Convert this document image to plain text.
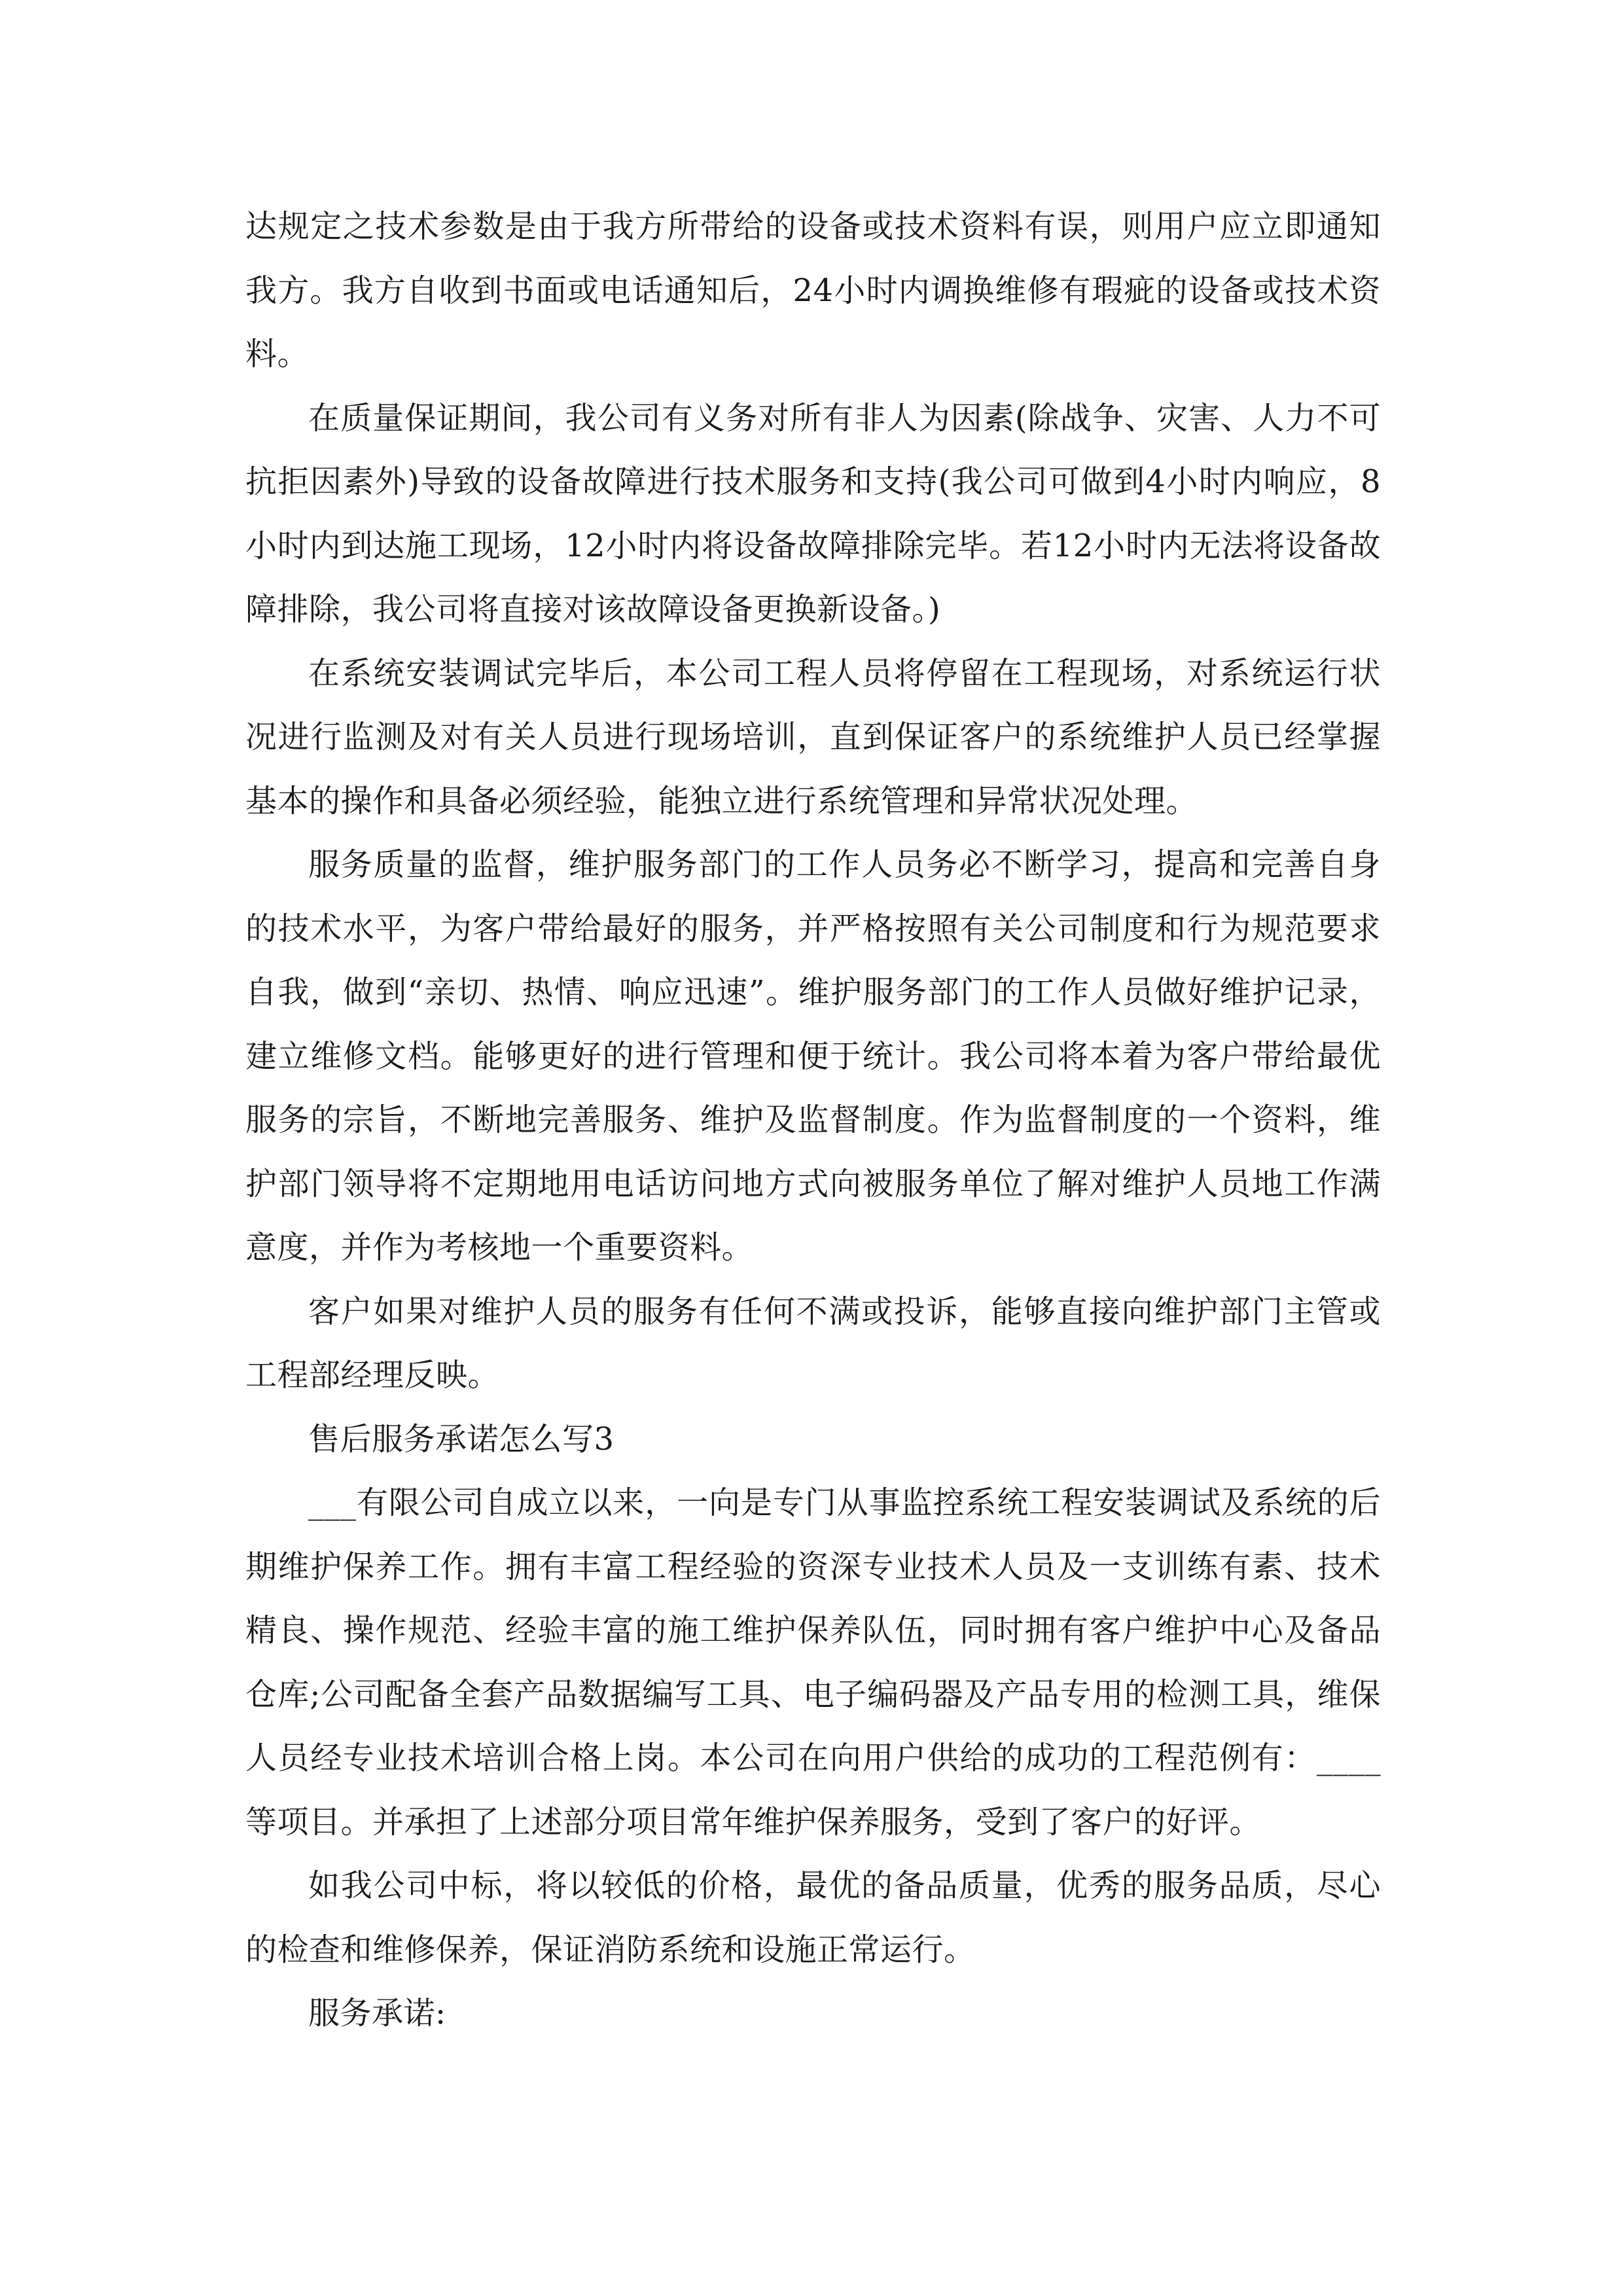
达规定之技术参数是由于我方所带给的设备或技术资料有误，则用户应立即通知我方。我方自收到书面或电话通知后，24小时内调换维修有瑕疵的设备或技术资料。

在质量保证期间，我公司有义务对所有非人为因素(除战争、灾害、人力不可抗拒因素外)导致的设备故障进行技术服务和支持(我公司可做到4小时内响应，8小时内到达施工现场，12小时内将设备故障排除完毕。若12小时内无法将设备故障排除，我公司将直接对该故障设备更换新设备。)

在系统安装调试完毕后，本公司工程人员将停留在工程现场，对系统运行状况进行监测及对有关人员进行现场培训，直到保证客户的系统维护人员已经掌握基本的操作和具备必须经验，能独立进行系统管理和异常状况处理。

服务质量的监督，维护服务部门的工作人员务必不断学习，提高和完善自身的技术水平，为客户带给最好的服务，并严格按照有关公司制度和行为规范要求自我，做到“亲切、热情、响应迅速”。维护服务部门的工作人员做好维护记录，建立维修文档。能够更好的进行管理和便于统计。我公司将本着为客户带给最优服务的宗旨，不断地完善服务、维护及监督制度。作为监督制度的一个资料，维护部门领导将不定期地用电话访问地方式向被服务单位了解对维护人员地工作满意度，并作为考核地一个重要资料。

客户如果对维护人员的服务有任何不满或投诉，能够直接向维护部门主管或工程部经理反映。

售后服务承诺怎么写3

___有限公司自成立以来，一向是专门从事监控系统工程安装调试及系统的后期维护保养工作。拥有丰富工程经验的资深专业技术人员及一支训练有素、技术精良、操作规范、经验丰富的施工维护保养队伍，同时拥有客户维护中心及备品仓库;公司配备全套产品数据编写工具、电子编码器及产品专用的检测工具，维保人员经专业技术培训合格上岗。本公司在向用户供给的成功的工程范例有：____等项目。并承担了上述部分项目常年维护保养服务，受到了客户的好评。

如我公司中标，将以较低的价格，最优的备品质量，优秀的服务品质，尽心的检查和维修保养，保证消防系统和设施正常运行。

服务承诺:
